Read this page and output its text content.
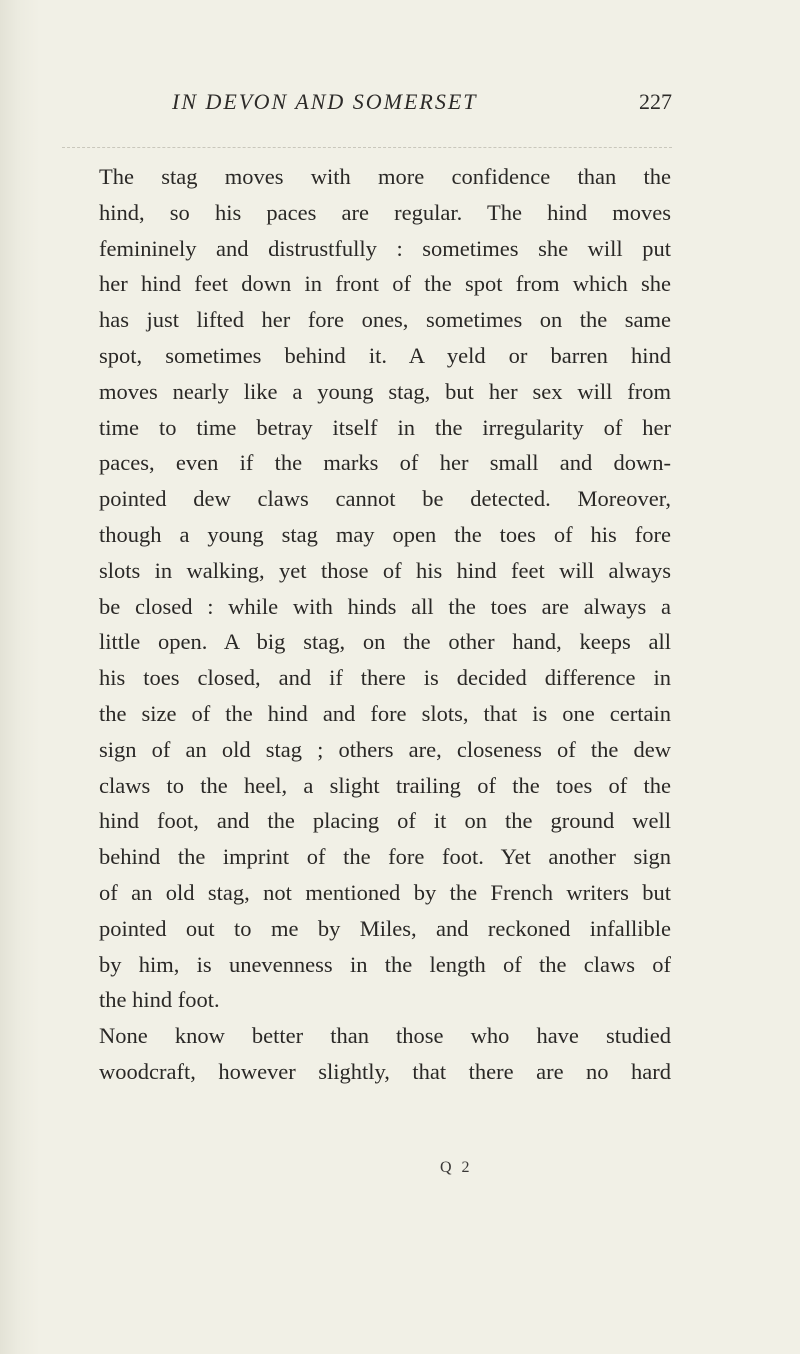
IN DEVON AND SOMERSET	227
The stag moves with more confidence than the
hind, so his paces are regular. The hind moves
femininely and distrustfully : sometimes she will put
her hind feet down in front of the spot from which she
has just lifted her fore ones, sometimes on the same
spot, sometimes behind it. A yeld or barren hind
moves nearly like a young stag, but her sex will from
time to time betray itself in the irregularity of her
paces, even if the marks of her small and down-
pointed dew claws cannot be detected. Moreover,
though a young stag may open the toes of his fore
slots in walking, yet those of his hind feet will always
be closed : while with hinds all the toes are always a
little open. A big stag, on the other hand, keeps all
his toes closed, and if there is decided difference in
the size of the hind and fore slots, that is one certain
sign of an old stag ; others are, closeness of the dew
claws to the heel, a slight trailing of the toes of the
hind foot, and the placing of it on the ground well
behind the imprint of the fore foot. Yet another sign
of an old stag, not mentioned by the French writers but
pointed out to me by Miles, and reckoned infallible
by him, is unevenness in the length of the claws of
the hind foot.
None know better than those who have studied
woodcraft, however slightly, that there are no hard
Q 2
